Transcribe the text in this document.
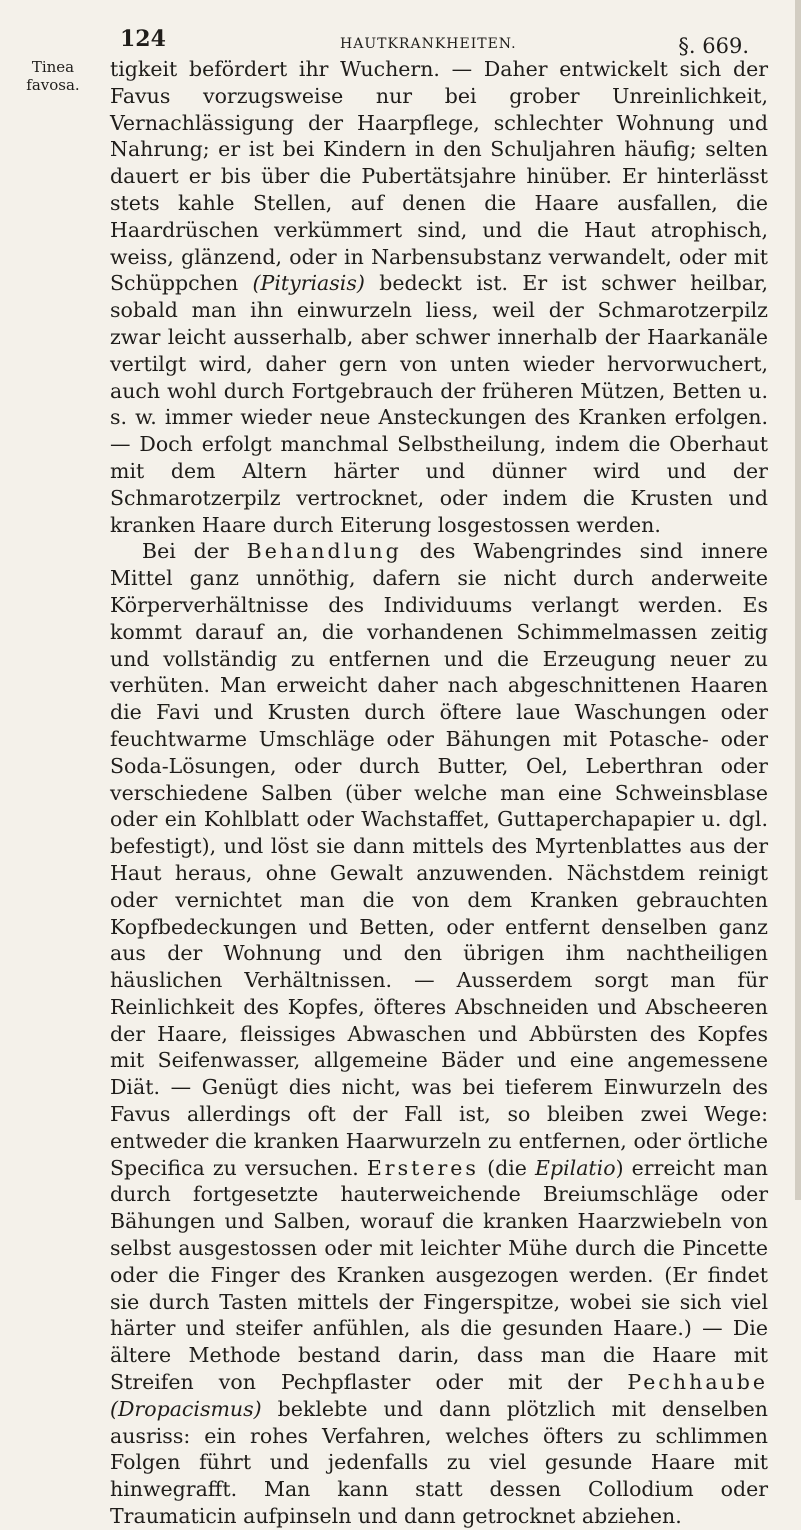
124	HAUTKRANKHEITEN.	§. 669.
Tinea
favosa.

tigkeit befördert ihr Wuchern. — Daher entwickelt sich der Favus vorzugsweise nur bei grober Unreinlichkeit, Vernachlässigung der Haarpflege, schlechter Wohnung und Nahrung; er ist bei Kindern in den Schuljahren häufig; selten dauert er bis über die Pubertätsjahre hinüber. Er hinterlässt stets kahle Stellen, auf denen die Haare ausfallen, die Haardrüschen verkümmert sind, und die Haut atrophisch, weiss, glänzend, oder in Narbensubstanz verwandelt, oder mit Schüppchen (Pityriasis) bedeckt ist. Er ist schwer heilbar, sobald man ihn einwurzeln liess, weil der Schmarotzerpilz zwar leicht ausserhalb, aber schwer innerhalb der Haarkanäle vertilgt wird, daher gern von unten wieder hervorwuchert, auch wohl durch Fortgebrauch der früheren Mützen, Betten u. s. w. immer wieder neue Ansteckungen des Kranken erfolgen. — Doch erfolgt manchmal Selbstheilung, indem die Oberhaut mit dem Altern härter und dünner wird und der Schmarotzerpilz vertrocknet, oder indem die Krusten und kranken Haare durch Eiterung losgestossen werden.

Bei der Behandlung des Wabengrindes sind innere Mittel ganz unnöthig, dafern sie nicht durch anderweite Körperverhältnisse des Individuums verlangt werden. Es kommt darauf an, die vorhandenen Schimmelmassen zeitig und vollständig zu entfernen und die Erzeugung neuer zu verhüten. Man erweicht daher nach abgeschnittenen Haaren die Favi und Krusten durch öftere laue Waschungen oder feuchtwarme Umschläge oder Bähungen mit Potasche- oder Soda-Lösungen, oder durch Butter, Oel, Leberthran oder verschiedene Salben (über welche man eine Schweinsblase oder ein Kohlblatt oder Wachstaffet, Guttaperchapapier u. dgl. befestigt), und löst sie dann mittels des Myrtenblattes aus der Haut heraus, ohne Gewalt anzuwenden. Nächstdem reinigt oder vernichtet man die von dem Kranken gebrauchten Kopfbedeckungen und Betten, oder entfernt denselben ganz aus der Wohnung und den übrigen ihm nachtheiligen häuslichen Verhältnissen. — Ausserdem sorgt man für Reinlichkeit des Kopfes, öfteres Abschneiden und Abscheeren der Haare, fleissiges Abwaschen und Abbürsten des Kopfes mit Seifenwasser, allgemeine Bäder und eine angemessene Diät. — Genügt dies nicht, was bei tieferem Einwurzeln des Favus allerdings oft der Fall ist, so bleiben zwei Wege: entweder die kranken Haarwurzeln zu entfernen, oder örtliche Specifica zu versuchen. Ersteres (die Epilatio) erreicht man durch fortgesetzte hauterweichende Breiumschläge oder Bähungen und Salben, worauf die kranken Haarzwiebeln von selbst ausgestossen oder mit leichter Mühe durch die Pincette oder die Finger des Kranken ausgezogen werden. (Er findet sie durch Tasten mittels der Fingerspitze, wobei sie sich viel härter und steifer anfühlen, als die gesunden Haare.) — Die ältere Methode bestand darin, dass man die Haare mit Streifen von Pechpflaster oder mit der Pechhaube (Dropacismus) beklebte und dann plötzlich mit denselben ausriss: ein rohes Verfahren, welches öfters zu schlimmen Folgen führt und jedenfalls zu viel gesunde Haare mit hinwegrafft. Man kann statt dessen Collodium oder Traumaticin aufpinseln und dann getrocknet abziehen.
